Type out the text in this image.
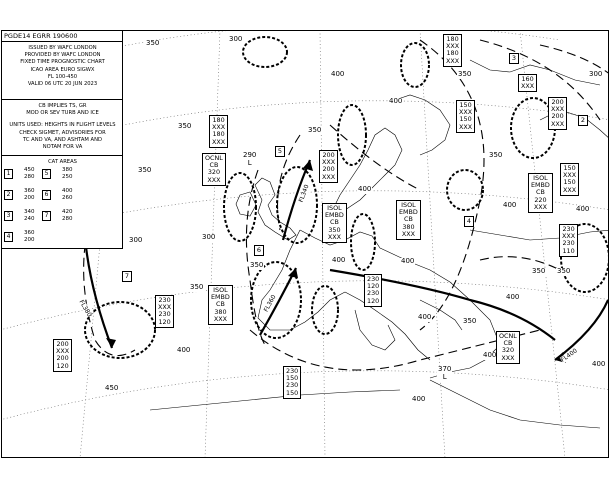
PGDE14 EGRR 190600
ISSUED BY WAFC LONDON
PROVIDED BY WAFC LONDON
FIXED TIME PROGNOSTIC CHART
ICAO AREA EURO SIGWX
FL 100-450
VALID 06 UTC 20 JUN 2023
CB IMPLIES TS, GR
MOD OR SEV TURB AND ICE
UNITS USED: HEIGHTS IN FLIGHT LEVELS
CHECK SIGMET, ADVISORIES FOR
TC AND VA, AND ASHTAM AND
NOTAM FOR VA
CAT AREAS
1	450
280
2	360
200
3	340
240
4	360
200
5	380
250
6	400
260
7	420
280
350	300
350
400
350
350
400
300
350
300
350
400
400	400
350
400
350
400
400
300
350 350
400
450
400
400
400
400
350
160
XXX
290
L
370
L
OCNL
CB
320
XXX
ISOL
EMBD
CB
350
XXX
ISOL
EMBD
CB
380
XXX
ISOL
EMBD
CB
380
XXX
ISOL
EMBD
CB
220
XXX
OCNL
CB
320
XXX
180
XXX
180
XXX
200
XXX
200
XXX
180
XXX
180
XXX
150
XXX
150
XXX
200
XXX
200
XXX
150
XXX
150
XXX
230
XXX
230
110
230
120
230
120
230
XXX
230
120
200
XXX
200
120
230
150
230
150
5
6
7
4
2
3
FL340
FL360
FL380
FL400
